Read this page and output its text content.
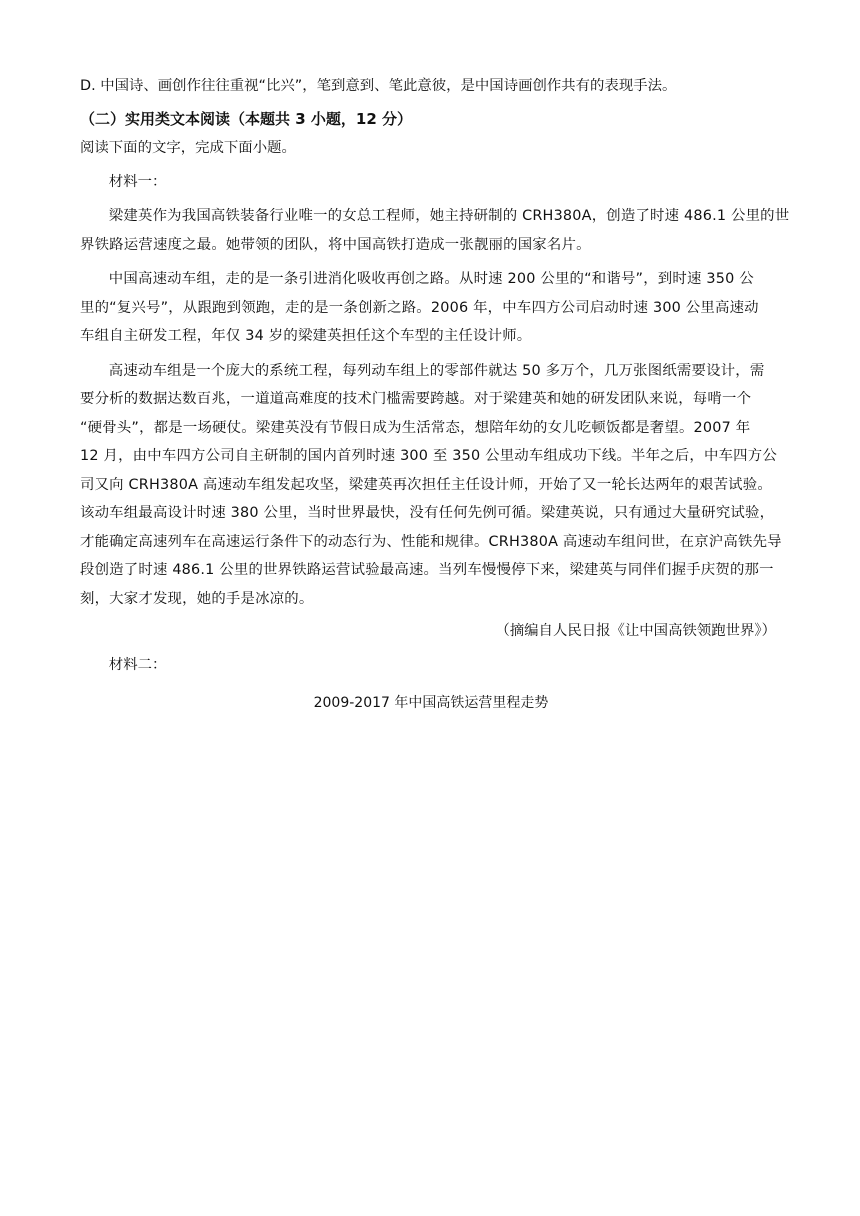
D. 中国诗、画创作往往重视“比兴”，笔到意到、笔此意彼，是中国诗画创作共有的表现手法。
（二）实用类文本阅读（本题共 3 小题，12 分）
阅读下面的文字，完成下面小题。
材料一：
梁建英作为我国高铁装备行业唯一的女总工程师，她主持研制的 CRH380A，创造了时速 486.1 公里的世
界铁路运营速度之最。她带领的团队，将中国高铁打造成一张靓丽的国家名片。
中国高速动车组，走的是一条引进消化吸收再创之路。从时速 200 公里的“和谐号”，到时速 350 公
里的“复兴号”，从跟跑到领跑，走的是一条创新之路。2006 年，中车四方公司启动时速 300 公里高速动
车组自主研发工程，年仅 34 岁的梁建英担任这个车型的主任设计师。
高速动车组是一个庞大的系统工程，每列动车组上的零部件就达 50 多万个，几万张图纸需要设计，需
要分析的数据达数百兆，一道道高难度的技术门槛需要跨越。对于梁建英和她的研发团队来说，每啃一个
“硬骨头”，都是一场硬仗。梁建英没有节假日成为生活常态，想陪年幼的女儿吃顿饭都是奢望。2007 年
12 月，由中车四方公司自主研制的国内首列时速 300 至 350 公里动车组成功下线。半年之后，中车四方公
司又向 CRH380A 高速动车组发起攻坚，梁建英再次担任主任设计师，开始了又一轮长达两年的艰苦试验。
该动车组最高设计时速 380 公里，当时世界最快，没有任何先例可循。梁建英说，只有通过大量研究试验，
才能确定高速列车在高速运行条件下的动态行为、性能和规律。CRH380A 高速动车组问世，在京沪高铁先导
段创造了时速 486.1 公里的世界铁路运营试验最高速。当列车慢慢停下来，梁建英与同伴们握手庆贺的那一
刻，大家才发现，她的手是冰凉的。
（摘编自人民日报《让中国高铁领跑世界》）
材料二：
2009-2017 年中国高铁运营里程走势
